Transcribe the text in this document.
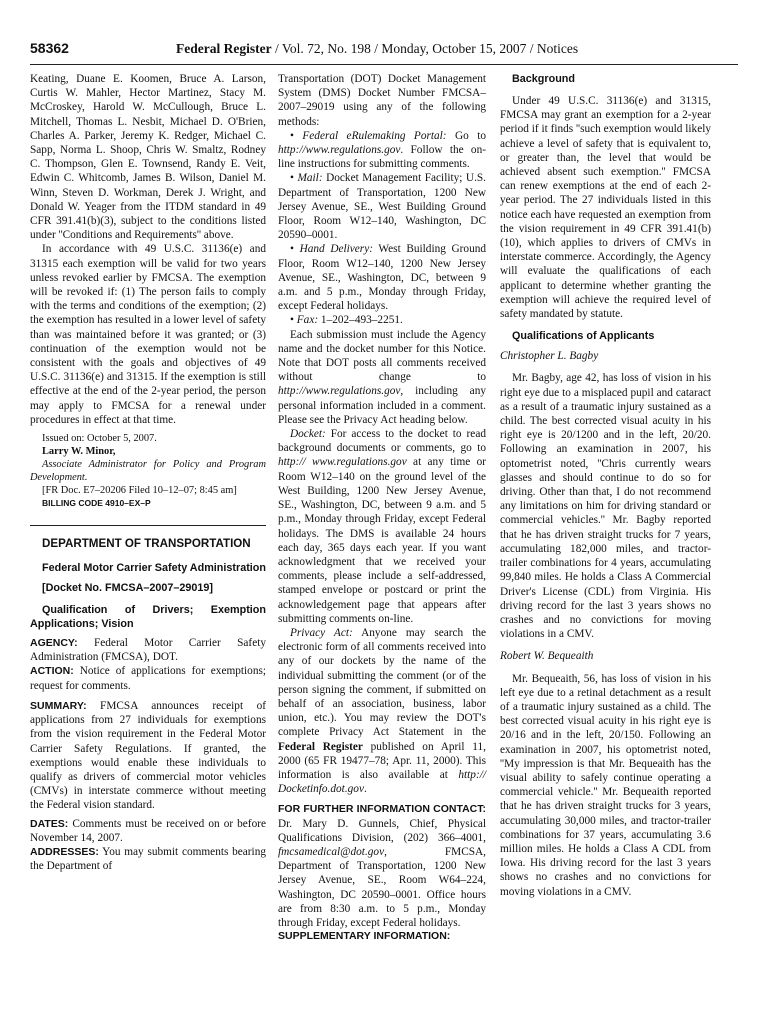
58362	Federal Register / Vol. 72, No. 198 / Monday, October 15, 2007 / Notices

Keating, Duane E. Koomen, Bruce A. Larson, Curtis W. Mahler, Hector Martinez, Stacy M. McCroskey, Harold W. McCullough, Bruce L. Mitchell, Thomas L. Nesbit, Michael D. O'Brien, Charles A. Parker, Jeremy K. Redger, Michael C. Sapp, Norma L. Shoop, Chris W. Smaltz, Rodney C. Thompson, Glen E. Townsend, Randy E. Veit, Edwin C. Whitcomb, James B. Wilson, Daniel M. Winn, Steven D. Workman, Derek J. Wright, and Donald W. Yeager from the ITDM standard in 49 CFR 391.41(b)(3), subject to the conditions listed under ''Conditions and Requirements'' above.

In accordance with 49 U.S.C. 31136(e) and 31315 each exemption will be valid for two years unless revoked earlier by FMCSA. The exemption will be revoked if: (1) The person fails to comply with the terms and conditions of the exemption; (2) the exemption has resulted in a lower level of safety than was maintained before it was granted; or (3) continuation of the exemption would not be consistent with the goals and objectives of 49 U.S.C. 31136(e) and 31315. If the exemption is still effective at the end of the 2-year period, the person may apply to FMCSA for a renewal under procedures in effect at that time.

Issued on: October 5, 2007.

Larry W. Minor,

Associate Administrator for Policy and Program Development.

[FR Doc. E7–20206 Filed 10–12–07; 8:45 am]

BILLING CODE 4910–EX–P

DEPARTMENT OF TRANSPORTATION

Federal Motor Carrier Safety Administration

[Docket No. FMCSA–2007–29019]

Qualification of Drivers; Exemption Applications; Vision

AGENCY: Federal Motor Carrier Safety Administration (FMCSA), DOT.

ACTION: Notice of applications for exemptions; request for comments.

SUMMARY: FMCSA announces receipt of applications from 27 individuals for exemptions from the vision requirement in the Federal Motor Carrier Safety Regulations. If granted, the exemptions would enable these individuals to qualify as drivers of commercial motor vehicles (CMVs) in interstate commerce without meeting the Federal vision standard.

DATES: Comments must be received on or before November 14, 2007.

ADDRESSES: You may submit comments bearing the Department of

Transportation (DOT) Docket Management System (DMS) Docket Number FMCSA–2007–29019 using any of the following methods:

• Federal eRulemaking Portal: Go to http://www.regulations.gov. Follow the on-line instructions for submitting comments.

• Mail: Docket Management Facility; U.S. Department of Transportation, 1200 New Jersey Avenue, SE., West Building Ground Floor, Room W12–140, Washington, DC 20590–0001.

• Hand Delivery: West Building Ground Floor, Room W12–140, 1200 New Jersey Avenue, SE., Washington, DC, between 9 a.m. and 5 p.m., Monday through Friday, except Federal holidays.

• Fax: 1–202–493–2251.

Each submission must include the Agency name and the docket number for this Notice. Note that DOT posts all comments received without change to http://www.regulations.gov, including any personal information included in a comment. Please see the Privacy Act heading below.

Docket: For access to the docket to read background documents or comments, go to http:// www.regulations.gov at any time or Room W12–140 on the ground level of the West Building, 1200 New Jersey Avenue, SE., Washington, DC, between 9 a.m. and 5 p.m., Monday through Friday, except Federal holidays. The DMS is available 24 hours each day, 365 days each year. If you want acknowledgment that we received your comments, please include a self-addressed, stamped envelope or postcard or print the acknowledgement page that appears after submitting comments on-line.

Privacy Act: Anyone may search the electronic form of all comments received into any of our dockets by the name of the individual submitting the comment (or of the person signing the comment, if submitted on behalf of an association, business, labor union, etc.). You may review the DOT's complete Privacy Act Statement in the Federal Register published on April 11, 2000 (65 FR 19477–78; Apr. 11, 2000). This information is also available at http:// Docketinfo.dot.gov.

FOR FURTHER INFORMATION CONTACT: Dr. Mary D. Gunnels, Chief, Physical Qualifications Division, (202) 366–4001, fmcsamedical@dot.gov, FMCSA, Department of Transportation, 1200 New Jersey Avenue, SE., Room W64–224, Washington, DC 20590–0001. Office hours are from 8:30 a.m. to 5 p.m., Monday through Friday, except Federal holidays.

SUPPLEMENTARY INFORMATION:

Background

Under 49 U.S.C. 31136(e) and 31315, FMCSA may grant an exemption for a 2-year period if it finds ''such exemption would likely achieve a level of safety that is equivalent to, or greater than, the level that would be achieved absent such exemption.'' FMCSA can renew exemptions at the end of each 2-year period. The 27 individuals listed in this notice each have requested an exemption from the vision requirement in 49 CFR 391.41(b)(10), which applies to drivers of CMVs in interstate commerce. Accordingly, the Agency will evaluate the qualifications of each applicant to determine whether granting the exemption will achieve the required level of safety mandated by statute.

Qualifications of Applicants

Christopher L. Bagby

Mr. Bagby, age 42, has loss of vision in his right eye due to a misplaced pupil and cataract as a result of a traumatic injury sustained as a child. The best corrected visual acuity in his right eye is 20/1200 and in the left, 20/20. Following an examination in 2007, his optometrist noted, ''Chris currently wears glasses and should continue to do so for driving. Other than that, I do not recommend any limitations on him for driving standard or commercial vehicles.'' Mr. Bagby reported that he has driven straight trucks for 7 years, accumulating 182,000 miles, and tractor-trailer combinations for 4 years, accumulating 99,840 miles. He holds a Class A Commercial Driver's License (CDL) from Virginia. His driving record for the last 3 years shows no crashes and no convictions for moving violations in a CMV.

Robert W. Bequeaith

Mr. Bequeaith, 56, has loss of vision in his left eye due to a retinal detachment as a result of a traumatic injury sustained as a child. The best corrected visual acuity in his right eye is 20/16 and in the left, 20/150. Following an examination in 2007, his optometrist noted, ''My impression is that Mr. Bequeaith has the visual ability to safely continue operating a commercial vehicle.'' Mr. Bequeaith reported that he has driven straight trucks for 3 years, accumulating 30,000 miles, and tractor-trailer combinations for 37 years, accumulating 3.6 million miles. He holds a Class A CDL from Iowa. His driving record for the last 3 years shows no crashes and no convictions for moving violations in a CMV.
